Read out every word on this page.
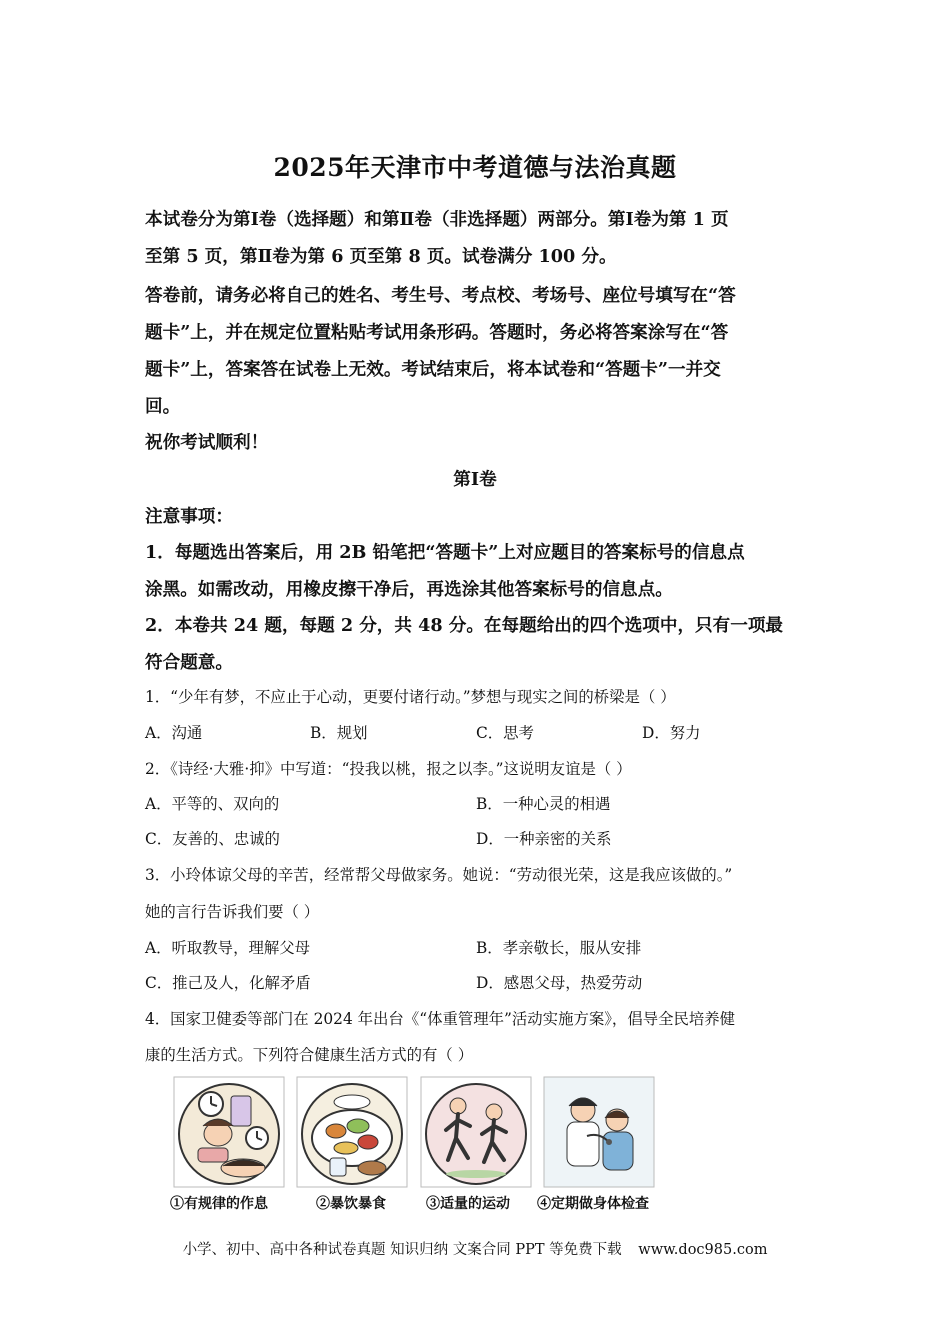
2025年天津市中考道德与法治真题
本试卷分为第Ⅰ卷（选择题）和第Ⅱ卷（非选择题）两部分。第Ⅰ卷为第 1 页
至第 5 页，第Ⅱ卷为第 6 页至第 8 页。试卷满分 100 分。
答卷前，请务必将自己的姓名、考生号、考点校、考场号、座位号填写在“答
题卡”上，并在规定位置粘贴考试用条形码。答题时，务必将答案涂写在“答
题卡”上，答案答在试卷上无效。考试结束后，将本试卷和“答题卡”一并交
回。
祝你考试顺利！
第Ⅰ卷
注意事项：
1．每题选出答案后，用 2B 铅笔把“答题卡”上对应题目的答案标号的信息点
涂黑。如需改动，用橡皮擦干净后，再选涂其他答案标号的信息点。
2．本卷共 24 题，每题 2 分，共 48 分。在每题给出的四个选项中，只有一项最
符合题意。
1．“少年有梦，不应止于心动，更要付诸行动。”梦想与现实之间的桥梁是（ ）
A．沟通	B．规划	C．思考	D．努力
2．《诗经·大雅·抑》中写道：“投我以桃，报之以李。”这说明友谊是（ ）
A．平等的、双向的	B．一种心灵的相遇
C．友善的、忠诚的	D．一种亲密的关系
3．小玲体谅父母的辛苦，经常帮父母做家务。她说：“劳动很光荣，这是我应该做的。”
她的言行告诉我们要（ ）
A．听取教导，理解父母	B．孝亲敬长，服从安排
C．推己及人，化解矛盾	D．感恩父母，热爱劳动
4．国家卫健委等部门在 2024 年出台《“体重管理年”活动实施方案》，倡导全民培养健
康的生活方式。下列符合健康生活方式的有（ ）
①有规律的作息	②暴饮暴食	③适量的运动 ④定期做身体检查
小学、初中、高中各种试卷真题 知识归纳 文案合同 PPT 等免费下载 www.doc985.com
